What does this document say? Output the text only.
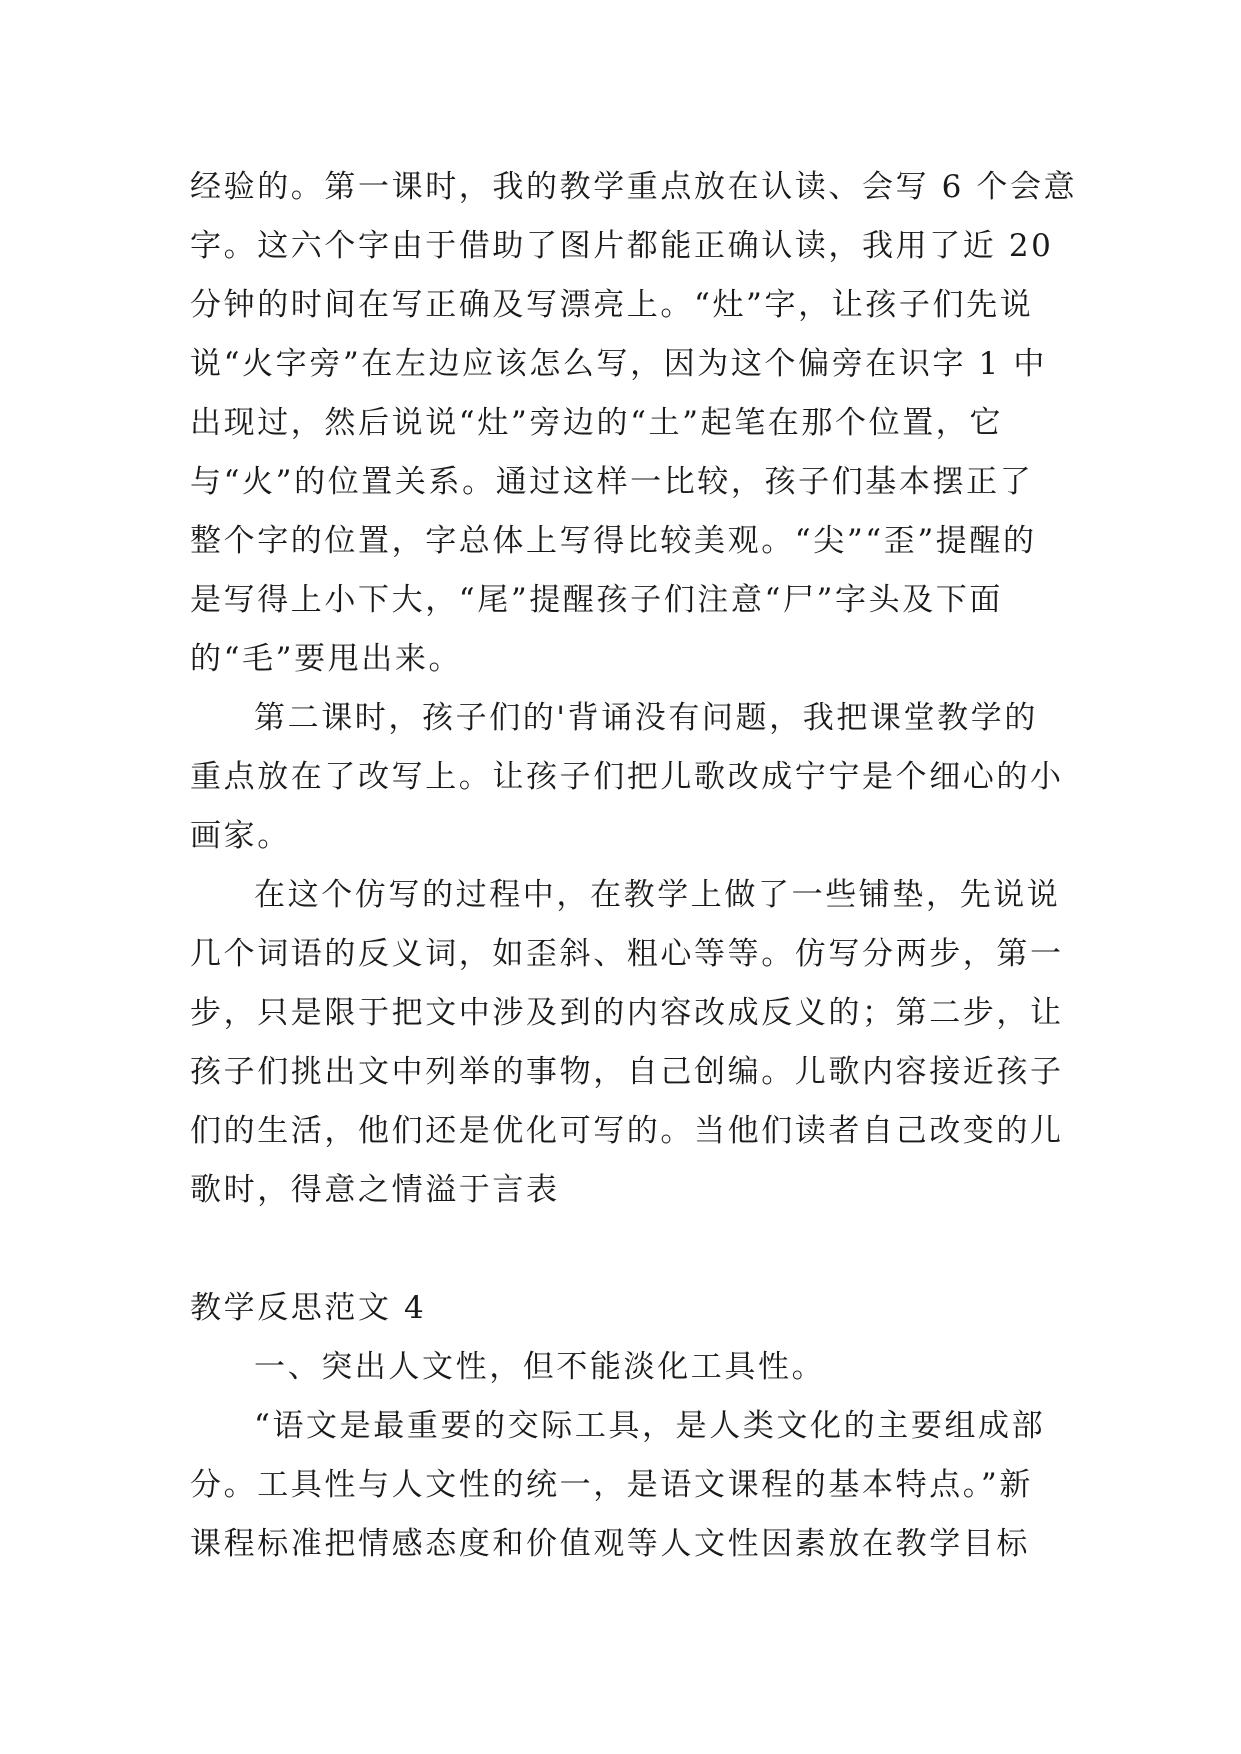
经验的。第一课时，我的教学重点放在认读、会写 6 个会意
字。这六个字由于借助了图片都能正确认读，我用了近 20
分钟的时间在写正确及写漂亮上。“灶”字，让孩子们先说
说“火字旁”在左边应该怎么写，因为这个偏旁在识字 1 中
出现过，然后说说“灶”旁边的“土”起笔在那个位置，它
与“火”的位置关系。通过这样一比较，孩子们基本摆正了
整个字的位置，字总体上写得比较美观。“尖”“歪”提醒的
是写得上小下大，“尾”提醒孩子们注意“尸”字头及下面
的“毛”要甩出来。
第二课时，孩子们的'背诵没有问题，我把课堂教学的
重点放在了改写上。让孩子们把儿歌改成宁宁是个细心的小
画家。
在这个仿写的过程中，在教学上做了一些铺垫，先说说
几个词语的反义词，如歪斜、粗心等等。仿写分两步，第一
步，只是限于把文中涉及到的内容改成反义的；第二步，让
孩子们挑出文中列举的事物，自己创编。儿歌内容接近孩子
们的生活，他们还是优化可写的。当他们读者自己改变的儿
歌时，得意之情溢于言表
教学反思范文 4
一、突出人文性，但不能淡化工具性。
“语文是最重要的交际工具，是人类文化的主要组成部
分。工具性与人文性的统一，是语文课程的基本特点。”新
课程标准把情感态度和价值观等人文性因素放在教学目标
